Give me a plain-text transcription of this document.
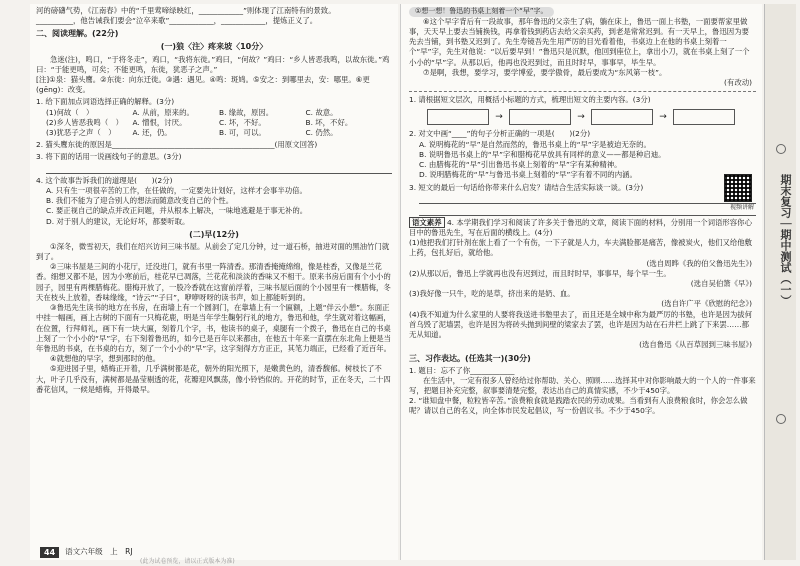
河的磅礴气势，《江南春》中的“千里莺啼绿映红，____________”则体现了江南特有的景致。

__________，他告诫我们要会“泣卒来歌”____________，____________，提炼正义了。

二、阅读理解。(22分)

(一)狼〈注〉疼来坡〈10分〉

急迷(注)，鸣口，“于将冬走”，鸡口，“我将东徙。”鸡曰，“何故？”鸡曰：“乡人皆恶我鸣，以故东徙。”鸡曰：“于能更鸣，可矣；不能更鸣，东徙，犹恶子之声。”

[注]①泉：猫头鹰。②东徙：向东迁徙。③遇：遇见。④鸣：斑鸠。⑤安之：到哪里去，安：哪里。⑥更(gēng)：改变。

1. 给下面加点词语选择正确的解释。(3分)

(1)何故（　）	A. 从前，原来的。	B. 缘故，原因。	C. 故意。
(2)乡人皆恶我鸣（　）	A. 憎恨，讨厌。	C. 坏，不好。	B. 坏，不好。
(3)犹恶子之声（　）	A. 还，仍。	B. 可，可以。	C. 仍然。

2. 猫头鹰东徙的原因是____________________________________________(用原文回答)

3. 将下面的话用一说画线句子的意思。(3分)

4. 这个故事告诉我们的道理是(　　)(2分)

A. 只有生一项很辛苦的工作，在任做的，一定要先计划好，这样才会事半功倍。

B. 我们不能为了迎合别人的想法而随意改变自己的个性。

C. 要正视自己的缺点并改正问题，并从根本上解决，一味地逃避是于事无补的。

D. 对于别人的建议，无论好坏，都要听取。

(二)早(12分)

①深冬，微雪初天，我们在绍兴访问三味书屋。从前会了定几分钟，过一道石桥，抽进对面的黑油竹门就到了。

②三味书屋是三间的小花厅，迁没进门，就有书里一阵清香。那清香掩掩绵绵，像是桂香，又像是兰花香。细想又都不是，因为小寒前后，桂花早已凋落，兰花花和淡淡的香味又不相干。原来书房后面有个小小的园子，园里有两棵腊梅花。腊梅开放了，一股冷香就在这窗前浮着，三味书屋后面的个小园里有一棵腊梅，冬天在枝头上放着，香味缘缘，“诗云”“子曰”，咿咿呀呀的读书声，如上都能听到的。

③鲁迅先生读书的地方在书房，在南墙上有一个圆洞门，在靠墙上有一个匾额，上题“伴云小憩”。东面正中挂一幅画，画上古树的下面有一只梅花鹿，明是当年学生鞠躬行礼的地方，鲁迅和他，学生就对着这幅画，在位置，行拜师礼，画下有一块大匾，刻着几个字，书，他读书的桌子，桌腿有一个拨子，鲁迅在自己的书桌上刻了一个小小的“早”字，右下刻着鲁迅的，如今已是百年以来都由，在他五十年来一直摆在东北角上便是当年鲁迅的书桌，在书桌的右方，刻了一个小小的“早”字，这字刻得方方正正，其笔力端正，已经看了近百年。

④就想他的早字，想到那时的他。

⑤迎进园子里，蜡梅正开着，几乎满树都是花，朝外的阳光照下，是嫩黄色的，清香馥郁。树枝长了不大，叶子几乎没有，满树都是晶莹剔透的花，花瓣迎风飘荡，像小铃铛似的。开花的时节，正在冬天，二十四番花信风，一候是蜡梅，开得最早。

44	语文六年级　上　RJ
(此为试卷预览，请以正式版本为准)

①想一想！鲁迅的书桌上刻着一个“早”字。

⑥这个早字背后有一段故事，那年鲁迅的父亲生了病，躺在床上，鲁迅一面上书塾，一面要帮家里做事，天天早上要去当铺换钱，再拿着钱到药店去给父亲买药，到老是常常迟到。有一天早上，鲁迅因为要先去当铺，到书塾又迟到了。先生寿镜吾先生用严厉的目光看着他，书桌边上在他的书桌上刻着一个“早”字，先生对他说：“以后要早到！”鲁迅只是沉默，他回到座位上，拿出小刀，就在书桌上刻了一个小小的“早”字。从那以后，他再也没迟到过，而且时时早，事事早，毕生早。

⑦是啊，我想，要学习，要学博爱，要学傲骨，最后要成为“东风第一枝”。

(有改动)

1. 请根据短文层次，用概括小标题的方式，梳理出短文的主要内容。(3分)

→	→	→

2. 对文中画“____”的句子分析正确的一项是(　　)(2分)

A. 说明梅花的“早”是自然而然的，鲁迅书桌上的“早”字是被迫无奈的。

B. 说明鲁迅书桌上的“早”字和腊梅花早放具有同样的意义——都是种启迪。

C. 由腊梅花的“早”引出鲁迅书桌上刻着的“早”字有某种精神。

D. 说明腊梅花的“早”与鲁迅书桌上刻着的“早”字有着不同的内涵。

视频讲解

3. 短文的最后一句话给你带来什么启发？请结合生活实际谈一谈。(3分)

语文素养 4. 本学期我们学习和阅读了许多关于鲁迅的文章，阅读下面的材料，分别用一个词语形容你心目中的鲁迅先生，写在后面的横线上。(4分)

(1)他把我们打针剂在旅上看了一个有伤，一下子就是人力，车夫满脸都是痛苦，像被炭火，他们又给他敷上药，包扎好后，就给他。

(选自周晔《我的伯父鲁迅先生》)

(2)从那以后，鲁迅上学就再也没有迟到过，而且时时早，事事早，每个早一生。

(选自吴伯箫《早》)

(3)我好像一只牛，吃的是草，挤出来的是奶、血。

(选自许广平《欣慰的纪念》)

(4)我不知道为什么家里的人要将我送进书塾里去了，而且还是全城中称为最严厉的书塾，也许是因为拔何首乌毁了泥墙罢，也许是因为将砖头抛到间壁的梁家去了罢，也许是因为站在石井栏上跳了下来罢……都无从知道。

(选自鲁迅《从百草园到三味书屋》)

三、习作表达。(任选其一)(30分)

1. 题目：忘不了你____________

在生活中，一定有很多人曾经给过你帮助、关心、照顾……选择其中对你影响最大的一个人的一件事来写，把题目补充完整，叙事要清楚完整，表达出自己的真情实感，不少于450字。

2. “谁知盘中餐，粒粒皆辛苦。”浪费粮食就是践踏农民的劳动成果。当看到有人浪费粮食时，你会怎么做呢？请以自己的名义，向全体市民发起倡议，写一份倡议书。不少于450字。

期末复习｜期中测试（一）
